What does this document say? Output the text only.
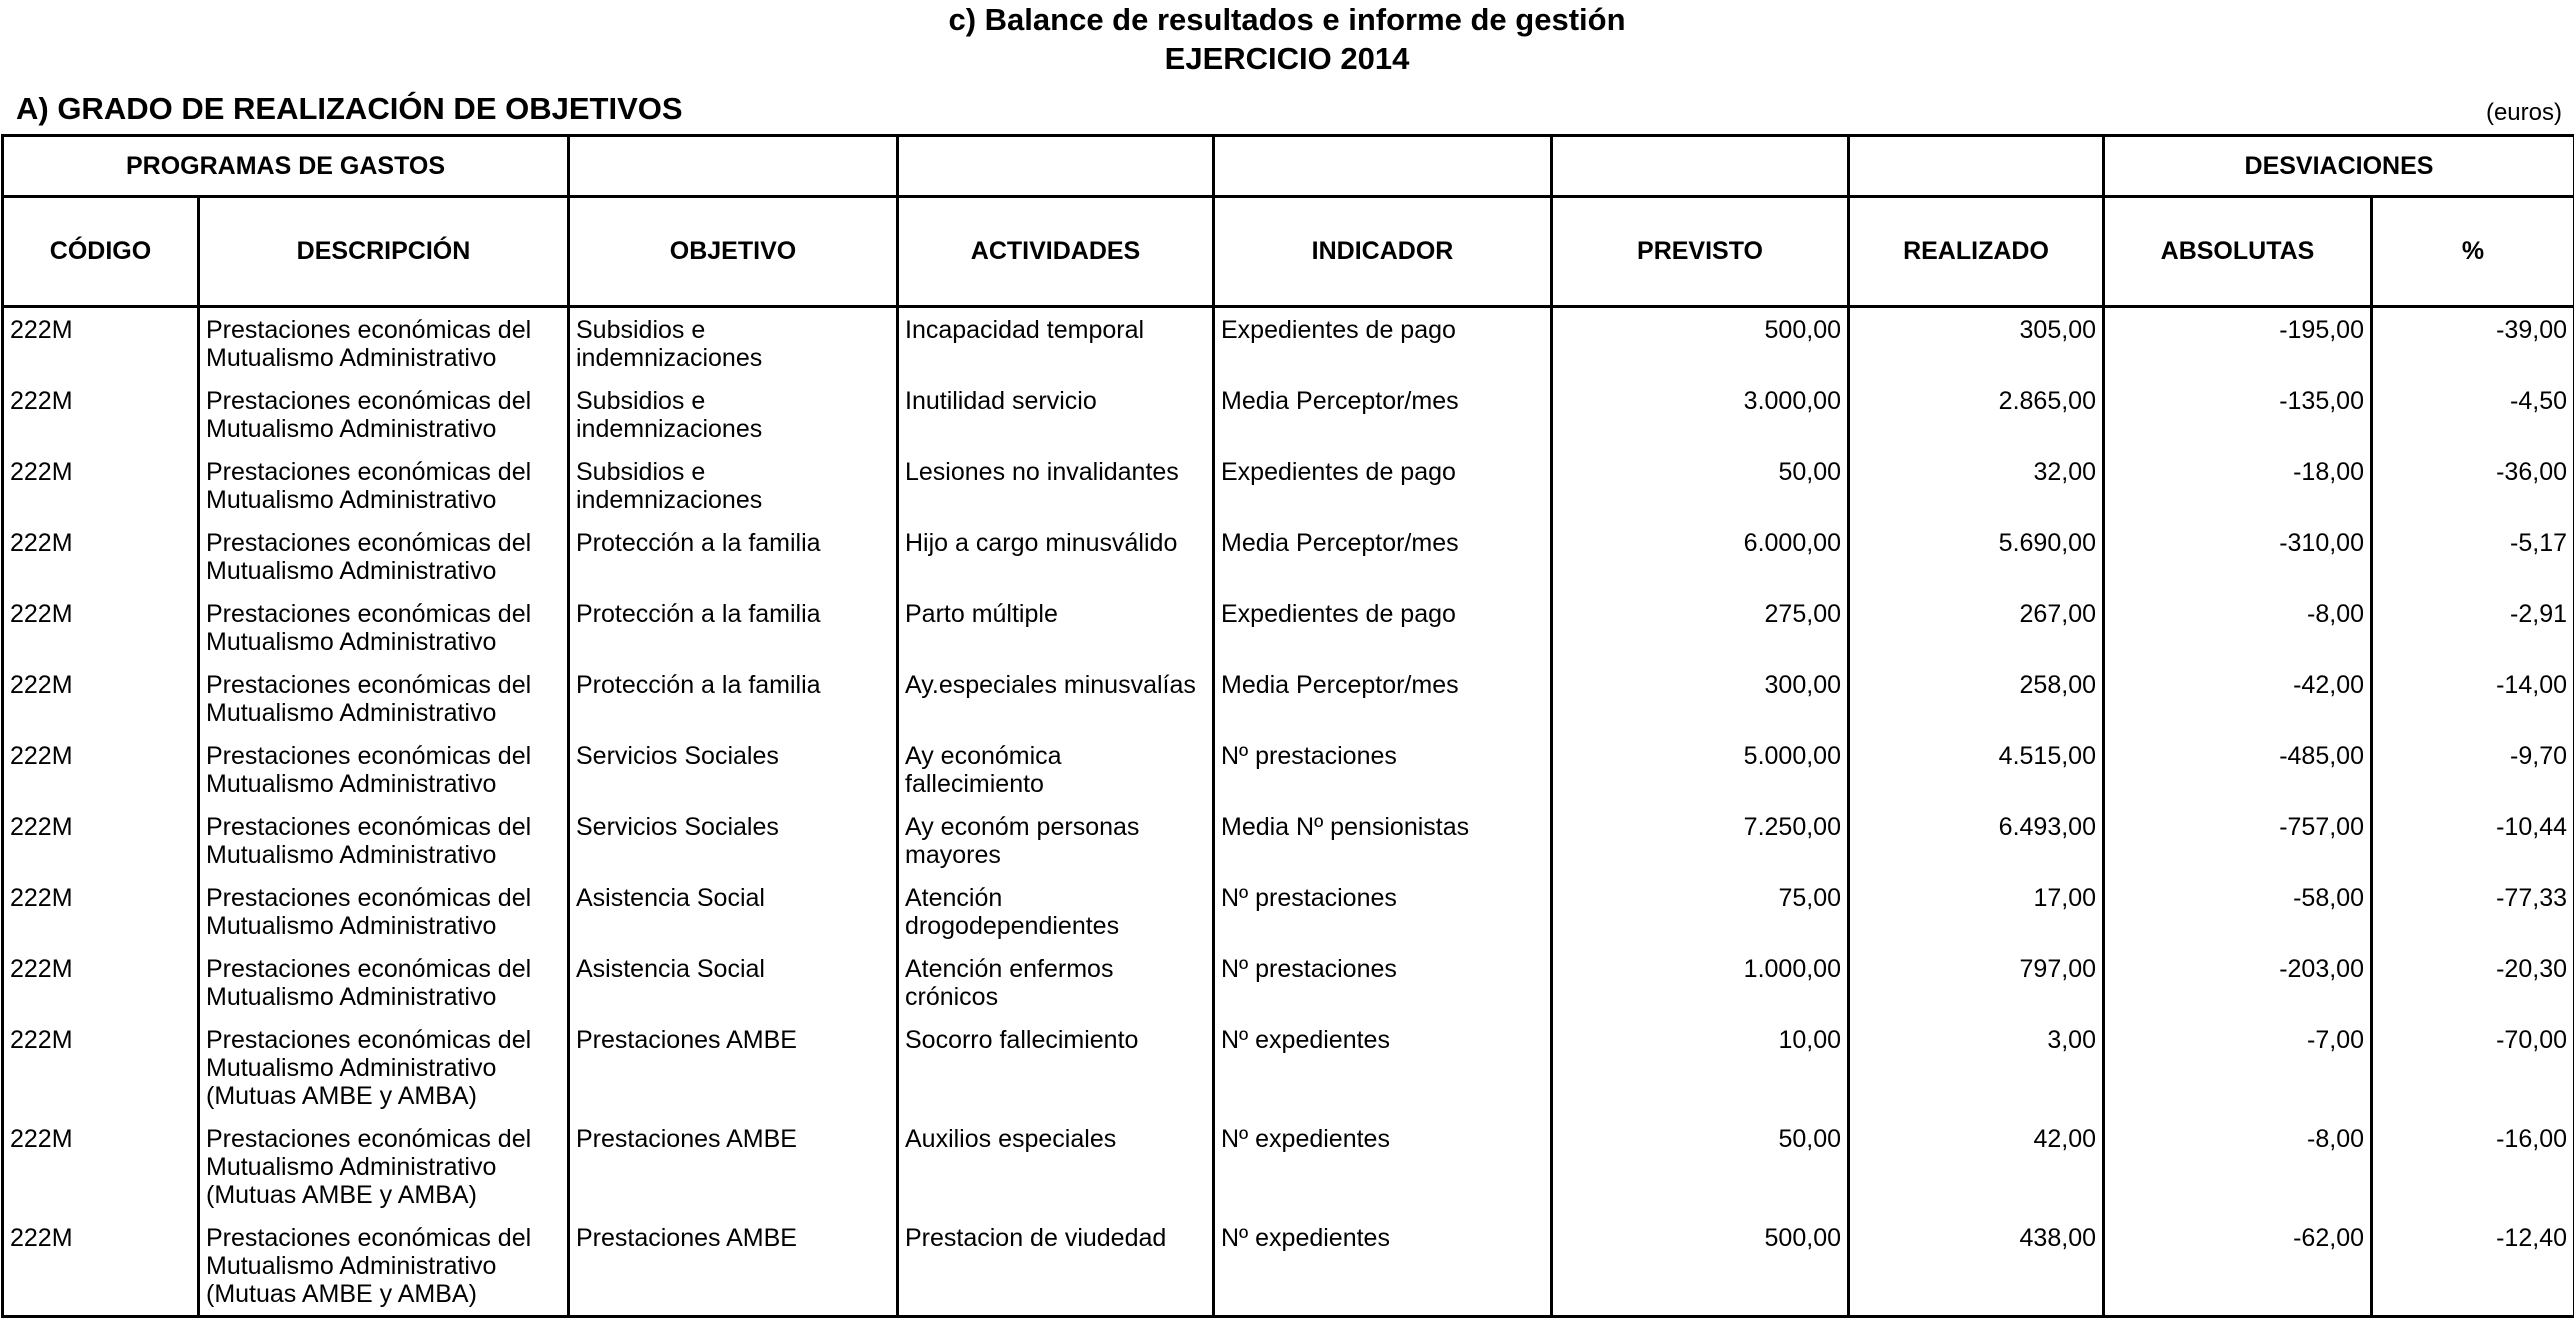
c) Balance de resultados e informe de gestión
EJERCICIO 2014
A) GRADO DE REALIZACIÓN DE OBJETIVOS	(euros)
PROGRAMAS DE GASTOS							DESVIACIONES	
CÓDIGO	DESCRIPCIÓN	OBJETIVO	ACTIVIDADES	INDICADOR	PREVISTO	REALIZADO	ABSOLUTAS	%
222M	Prestaciones económicas del Mutualismo Administrativo	Subsidios e indemnizaciones	Incapacidad temporal	Expedientes de pago	500,00	305,00	-195,00	-39,00
222M	Prestaciones económicas del Mutualismo Administrativo	Subsidios e indemnizaciones	Inutilidad servicio	Media Perceptor/mes	3.000,00	2.865,00	-135,00	-4,50
222M	Prestaciones económicas del Mutualismo Administrativo	Subsidios e indemnizaciones	Lesiones no invalidantes	Expedientes de pago	50,00	32,00	-18,00	-36,00
222M	Prestaciones económicas del Mutualismo Administrativo	Protección a la familia	Hijo a cargo minusválido	Media Perceptor/mes	6.000,00	5.690,00	-310,00	-5,17
222M	Prestaciones económicas del Mutualismo Administrativo	Protección a la familia	Parto múltiple	Expedientes de pago	275,00	267,00	-8,00	-2,91
222M	Prestaciones económicas del Mutualismo Administrativo	Protección a la familia	Ay.especiales minusvalías	Media Perceptor/mes	300,00	258,00	-42,00	-14,00
222M	Prestaciones económicas del Mutualismo Administrativo	Servicios Sociales	Ay económica fallecimiento	Nº prestaciones	5.000,00	4.515,00	-485,00	-9,70
222M	Prestaciones económicas del Mutualismo Administrativo	Servicios Sociales	Ay económ personas mayores	Media Nº pensionistas	7.250,00	6.493,00	-757,00	-10,44
222M	Prestaciones económicas del Mutualismo Administrativo	Asistencia Social	Atención drogodependientes	Nº prestaciones	75,00	17,00	-58,00	-77,33
222M	Prestaciones económicas del Mutualismo Administrativo	Asistencia Social	Atención enfermos crónicos	Nº prestaciones	1.000,00	797,00	-203,00	-20,30
222M	Prestaciones económicas del Mutualismo Administrativo (Mutuas AMBE y AMBA)	Prestaciones AMBE	Socorro fallecimiento	Nº expedientes	10,00	3,00	-7,00	-70,00
222M	Prestaciones económicas del Mutualismo Administrativo (Mutuas AMBE y AMBA)	Prestaciones AMBE	Auxilios especiales	Nº expedientes	50,00	42,00	-8,00	-16,00
222M	Prestaciones económicas del Mutualismo Administrativo (Mutuas AMBE y AMBA)	Prestaciones AMBE	Prestacion de viudedad	Nº expedientes	500,00	438,00	-62,00	-12,40
